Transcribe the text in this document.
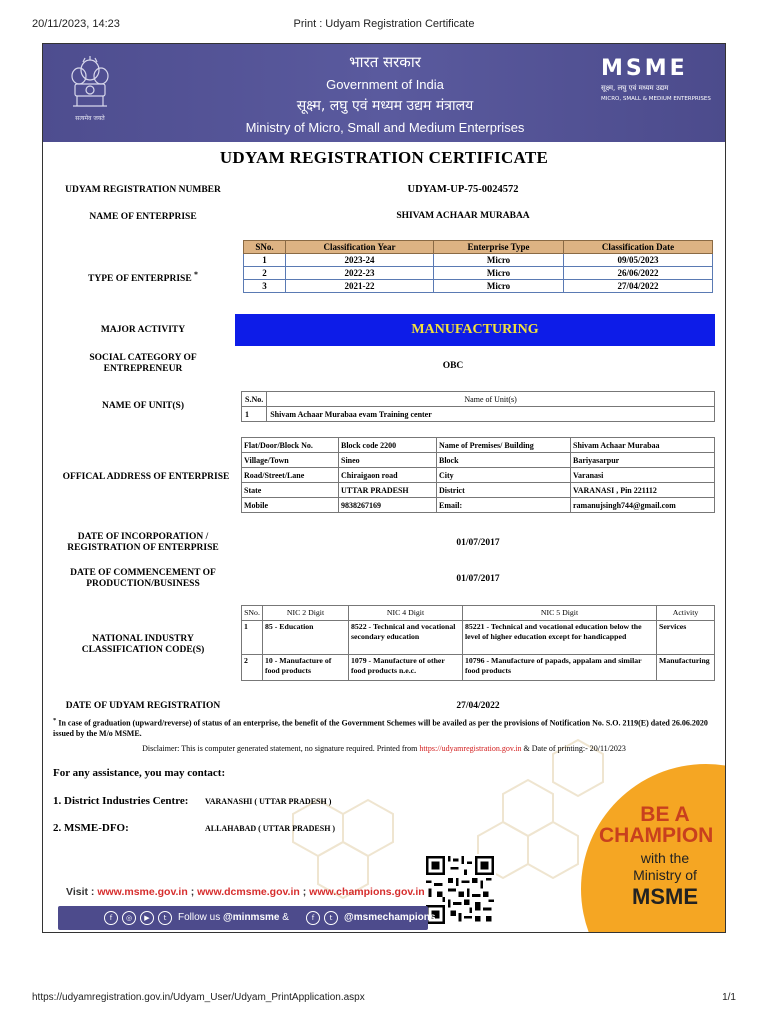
20/11/2023, 14:23	Print : Udyam Registration Certificate
सत्यमेव जयते
भारत सरकार
Government of India
सूक्ष्म, लघु एवं मध्यम उद्यम मंत्रालय
Ministry of Micro, Small and Medium Enterprises
MSME
सूक्ष्म, लघु एवं मध्यम उद्यम
MICRO, SMALL & MEDIUM ENTERPRISES
UDYAM REGISTRATION CERTIFICATE
UDYAM REGISTRATION NUMBER	UDYAM-UP-75-0024572
NAME OF ENTERPRISE	SHIVAM ACHAAR MURABAA
TYPE OF ENTERPRISE *
SNo.	Classification Year	Enterprise Type	Classification Date
1	2023-24	Micro	09/05/2023
2	2022-23	Micro	26/06/2022
3	2021-22	Micro	27/04/2022
MAJOR ACTIVITY	MANUFACTURING
SOCIAL CATEGORY OF ENTREPRENEUR	OBC
NAME OF UNIT(S)
S.No.	Name of Unit(s)
1	Shivam Achaar Murabaa evam Training center
OFFICAL ADDRESS OF ENTERPRISE
Flat/Door/Block No.	Block code 2200	Name of Premises/ Building	Shivam Achaar Murabaa
Village/Town	Sineo	Block	Bariyasarpur
Road/Street/Lane	Chiraigaon road	City	Varanasi
State	UTTAR PRADESH	District	VARANASI , Pin 221112
Mobile	9838267169	Email:	ramanujsingh744@gmail.com
DATE OF INCORPORATION / REGISTRATION OF ENTERPRISE	01/07/2017
DATE OF COMMENCEMENT OF PRODUCTION/BUSINESS	01/07/2017
NATIONAL INDUSTRY CLASSIFICATION CODE(S)
SNo.	NIC 2 Digit	NIC 4 Digit	NIC 5 Digit	Activity
1	85 - Education	8522 - Technical and vocational secondary education	85221 - Technical and vocational education below the level of higher education except for handicapped	Services
2	10 - Manufacture of food products	1079 - Manufacture of other food products n.e.c.	10796 - Manufacture of papads, appalam and similar food products	Manufacturing
DATE OF UDYAM REGISTRATION	27/04/2022
* In case of graduation (upward/reverse) of status of an enterprise, the benefit of the Government Schemes will be availed as per the provisions of Notification No. S.O. 2119(E) dated 26.06.2020 issued by the M/o MSME.
Disclaimer: This is computer generated statement, no signature required. Printed from https://udyamregistration.gov.in & Date of printing:- 20/11/2023
For any assistance, you may contact:
1. District Industries Centre: VARANASHI ( UTTAR PRADESH )
2. MSME-DFO:	ALLAHABAD ( UTTAR PRADESH )
BE A
CHAMPION
with the
Ministry of
MSME
Visit : www.msme.gov.in ; www.dcmsme.gov.in ; www.champions.gov.in
f	◎	▶	t	Follow us @minmsme &	f	t	@msmechampions
https://udyamregistration.gov.in/Udyam_User/Udyam_PrintApplication.aspx	1/1
